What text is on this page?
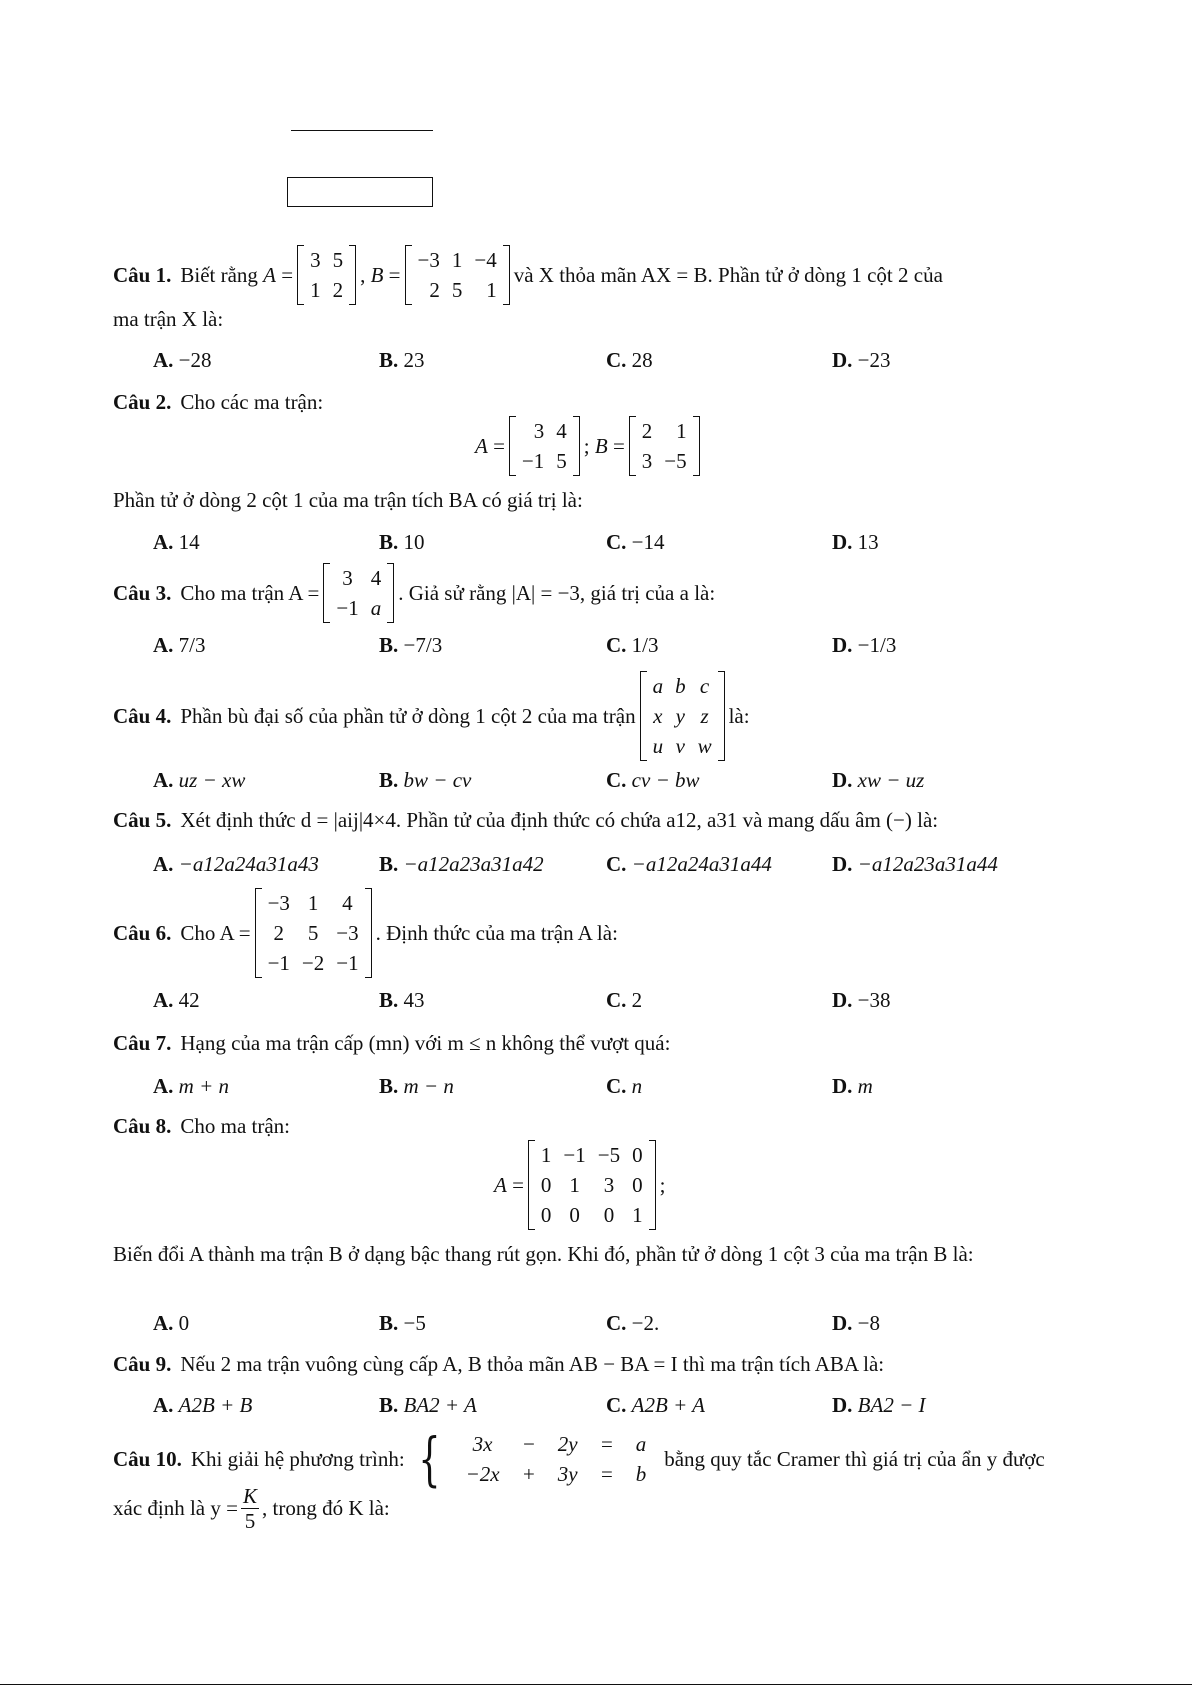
Câu 1. Biết rằng
A =
3	5
1	2
, B =
−3	1	−4
2	5	1
và X thỏa mãn AX = B. Phần tử ở dòng 1 cột 2 của
ma trận X là:
A. −28	B. 23	C. 28	D. −23
Câu 2. Cho các ma trận:
A =
3	4
−1	5
; B =
2	1
3	−5
Phần tử ở dòng 2 cột 1 của ma trận tích BA có giá trị là:
A. 14	B. 10	C. −14	D. 13
Câu 3. Cho ma trận A =
3	4
−1	a
. Giả sử rằng |A| = −3, giá trị của a là:
A. 7/3	B. −7/3	C. 1/3	D. −1/3
Câu 4. Phần bù đại số của phần tử ở dòng 1 cột 2 của ma trận
a	b	c
x	y	z
u	v	w
là:
A. uz − xw	B. bw − cv	C. cv − bw	D. xw − uz
Câu 5. Xét định thức d = |aij|4×4. Phần tử của định thức có chứa a12, a31 và mang dấu âm (−) là:
A. −a12a24a31a43	B. −a12a23a31a42	C. −a12a24a31a44	D. −a12a23a31a44
Câu 6. Cho A =
−3	1	4
2	5	−3
−1	−2	−1
. Định thức của ma trận A là:
A. 42	B. 43	C. 2	D. −38
Câu 7. Hạng của ma trận cấp (mn) với m ≤ n không thể vượt quá:
A. m + n	B. m − n	C. n	D. m
Câu 8. Cho ma trận:
A =
1	−1	−5	0
0	1	3	0
0	0	0	1
;
Biến đổi A thành ma trận B ở dạng bậc thang rút gọn. Khi đó, phần tử ở dòng 1 cột 3 của ma trận B là:
A. 0	B. −5	C. −2.	D. −8
Câu 9. Nếu 2 ma trận vuông cùng cấp A, B thỏa mãn AB − BA = I thì ma trận tích ABA là:
A. A2B + B	B. BA2 + A	C. A2B + A	D. BA2 − I
Câu 10. Khi giải hệ phương trình: { 3x	−	2y	=	a
−2x	+	3y	=	b
bằng quy tắc Cramer thì giá trị của ẩn y được
xác định là $y = \frac{K}{5}$ , trong đó K là:
